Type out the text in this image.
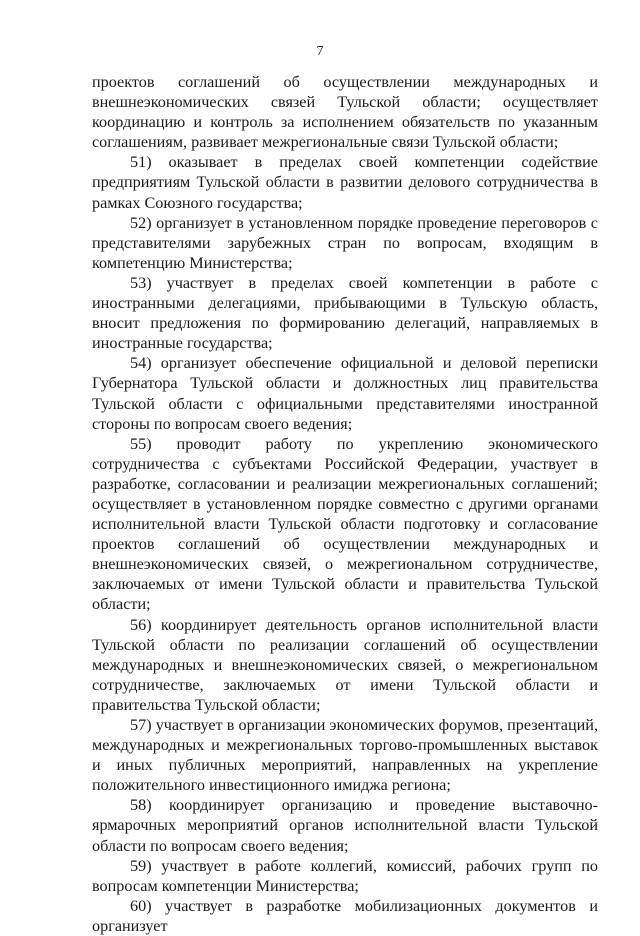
7

проектов соглашений об осуществлении международных и внешнеэкономических связей Тульской области; осуществляет координацию и контроль за исполнением обязательств по указанным соглашениям, развивает межрегиональные связи Тульской области;

51) оказывает в пределах своей компетенции содействие предприятиям Тульской области в развитии делового сотрудничества в рамках Союзного государства;

52) организует в установленном порядке проведение переговоров с представителями зарубежных стран по вопросам, входящим в компетенцию Министерства;

53) участвует в пределах своей компетенции в работе с иностранными делегациями, прибывающими в Тульскую область, вносит предложения по формированию делегаций, направляемых в иностранные государства;

54) организует обеспечение официальной и деловой переписки Губернатора Тульской области и должностных лиц правительства Тульской области с официальными представителями иностранной стороны по вопросам своего ведения;

55) проводит работу по укреплению экономического сотрудничества с субъектами Российской Федерации, участвует в разработке, согласовании и реализации межрегиональных соглашений; осуществляет в установленном порядке совместно с другими органами исполнительной власти Тульской области подготовку и согласование проектов соглашений об осуществлении международных и внешнеэкономических связей, о межрегиональном сотрудничестве, заключаемых от имени Тульской области и правительства Тульской области;

56) координирует деятельность органов исполнительной власти Тульской области по реализации соглашений об осуществлении международных и внешнеэкономических связей, о межрегиональном сотрудничестве, заключаемых от имени Тульской области и правительства Тульской области;

57) участвует в организации экономических форумов, презентаций, международных и межрегиональных торгово-промышленных выставок и иных публичных мероприятий, направленных на укрепление положительного инвестиционного имиджа региона;

58) координирует организацию и проведение выставочно-ярмарочных мероприятий органов исполнительной власти Тульской области по вопросам своего ведения;

59) участвует в работе коллегий, комиссий, рабочих групп по вопросам компетенции Министерства;

60) участвует в разработке мобилизационных документов и организует
